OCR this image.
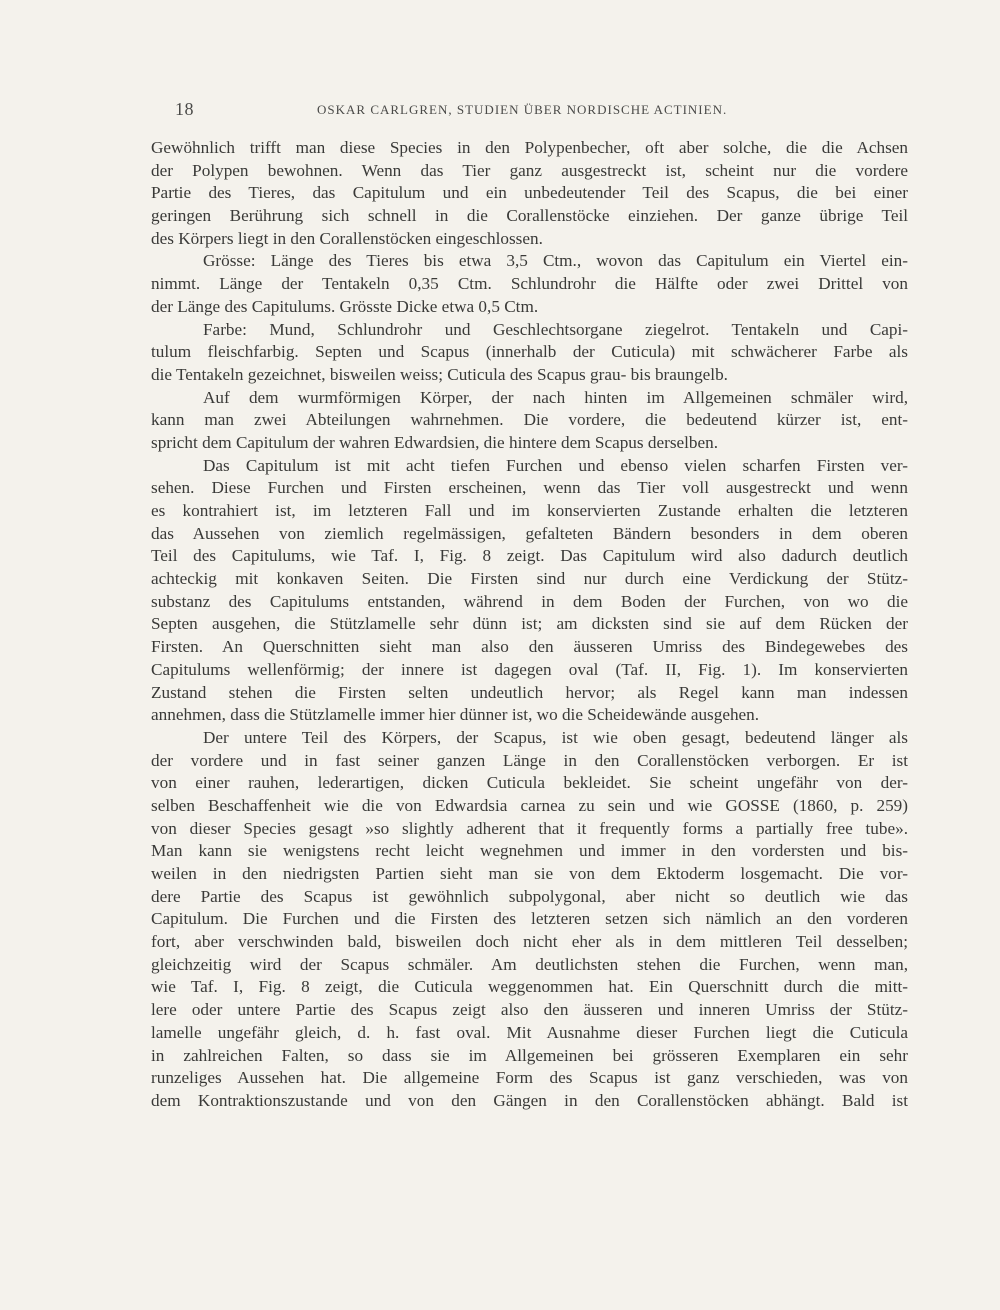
18	OSKAR CARLGREN, STUDIEN ÜBER NORDISCHE ACTINIEN.
Gewöhnlich trifft man diese Species in den Polypenbecher, oft aber solche, die die Achsen
der Polypen bewohnen. Wenn das Tier ganz ausgestreckt ist, scheint nur die vordere
Partie des Tieres, das Capitulum und ein unbedeutender Teil des Scapus, die bei einer
geringen Berührung sich schnell in die Corallenstöcke einziehen. Der ganze übrige Teil
des Körpers liegt in den Corallenstöcken eingeschlossen.
Grösse: Länge des Tieres bis etwa 3,5 Ctm., wovon das Capitulum ein Viertel ein-
nimmt. Länge der Tentakeln 0,35 Ctm. Schlundrohr die Hälfte oder zwei Drittel von
der Länge des Capitulums. Grösste Dicke etwa 0,5 Ctm.
Farbe: Mund, Schlundrohr und Geschlechtsorgane ziegelrot. Tentakeln und Capi-
tulum fleischfarbig. Septen und Scapus (innerhalb der Cuticula) mit schwächerer Farbe als
die Tentakeln gezeichnet, bisweilen weiss; Cuticula des Scapus grau- bis braungelb.
Auf dem wurmförmigen Körper, der nach hinten im Allgemeinen schmäler wird,
kann man zwei Abteilungen wahrnehmen. Die vordere, die bedeutend kürzer ist, ent-
spricht dem Capitulum der wahren Edwardsien, die hintere dem Scapus derselben.
Das Capitulum ist mit acht tiefen Furchen und ebenso vielen scharfen Firsten ver-
sehen. Diese Furchen und Firsten erscheinen, wenn das Tier voll ausgestreckt und wenn
es kontrahiert ist, im letzteren Fall und im konservierten Zustande erhalten die letzteren
das Aussehen von ziemlich regelmässigen, gefalteten Bändern besonders in dem oberen
Teil des Capitulums, wie Taf. I, Fig. 8 zeigt. Das Capitulum wird also dadurch deutlich
achteckig mit konkaven Seiten. Die Firsten sind nur durch eine Verdickung der Stütz-
substanz des Capitulums entstanden, während in dem Boden der Furchen, von wo die
Septen ausgehen, die Stützlamelle sehr dünn ist; am dicksten sind sie auf dem Rücken der
Firsten. An Querschnitten sieht man also den äusseren Umriss des Bindegewebes des
Capitulums wellenförmig; der innere ist dagegen oval (Taf. II, Fig. 1). Im konservierten
Zustand stehen die Firsten selten undeutlich hervor; als Regel kann man indessen
annehmen, dass die Stützlamelle immer hier dünner ist, wo die Scheidewände ausgehen.
Der untere Teil des Körpers, der Scapus, ist wie oben gesagt, bedeutend länger als
der vordere und in fast seiner ganzen Länge in den Corallenstöcken verborgen. Er ist
von einer rauhen, lederartigen, dicken Cuticula bekleidet. Sie scheint ungefähr von der-
selben Beschaffenheit wie die von Edwardsia carnea zu sein und wie GOSSE (1860, p. 259)
von dieser Species gesagt »so slightly adherent that it frequently forms a partially free tube».
Man kann sie wenigstens recht leicht wegnehmen und immer in den vordersten und bis-
weilen in den niedrigsten Partien sieht man sie von dem Ektoderm losgemacht. Die vor-
dere Partie des Scapus ist gewöhnlich subpolygonal, aber nicht so deutlich wie das
Capitulum. Die Furchen und die Firsten des letzteren setzen sich nämlich an den vorderen
fort, aber verschwinden bald, bisweilen doch nicht eher als in dem mittleren Teil desselben;
gleichzeitig wird der Scapus schmäler. Am deutlichsten stehen die Furchen, wenn man,
wie Taf. I, Fig. 8 zeigt, die Cuticula weggenommen hat. Ein Querschnitt durch die mitt-
lere oder untere Partie des Scapus zeigt also den äusseren und inneren Umriss der Stütz-
lamelle ungefähr gleich, d. h. fast oval. Mit Ausnahme dieser Furchen liegt die Cuticula
in zahlreichen Falten, so dass sie im Allgemeinen bei grösseren Exemplaren ein sehr
runzeliges Aussehen hat. Die allgemeine Form des Scapus ist ganz verschieden, was von
dem Kontraktionszustande und von den Gängen in den Corallenstöcken abhängt. Bald ist
